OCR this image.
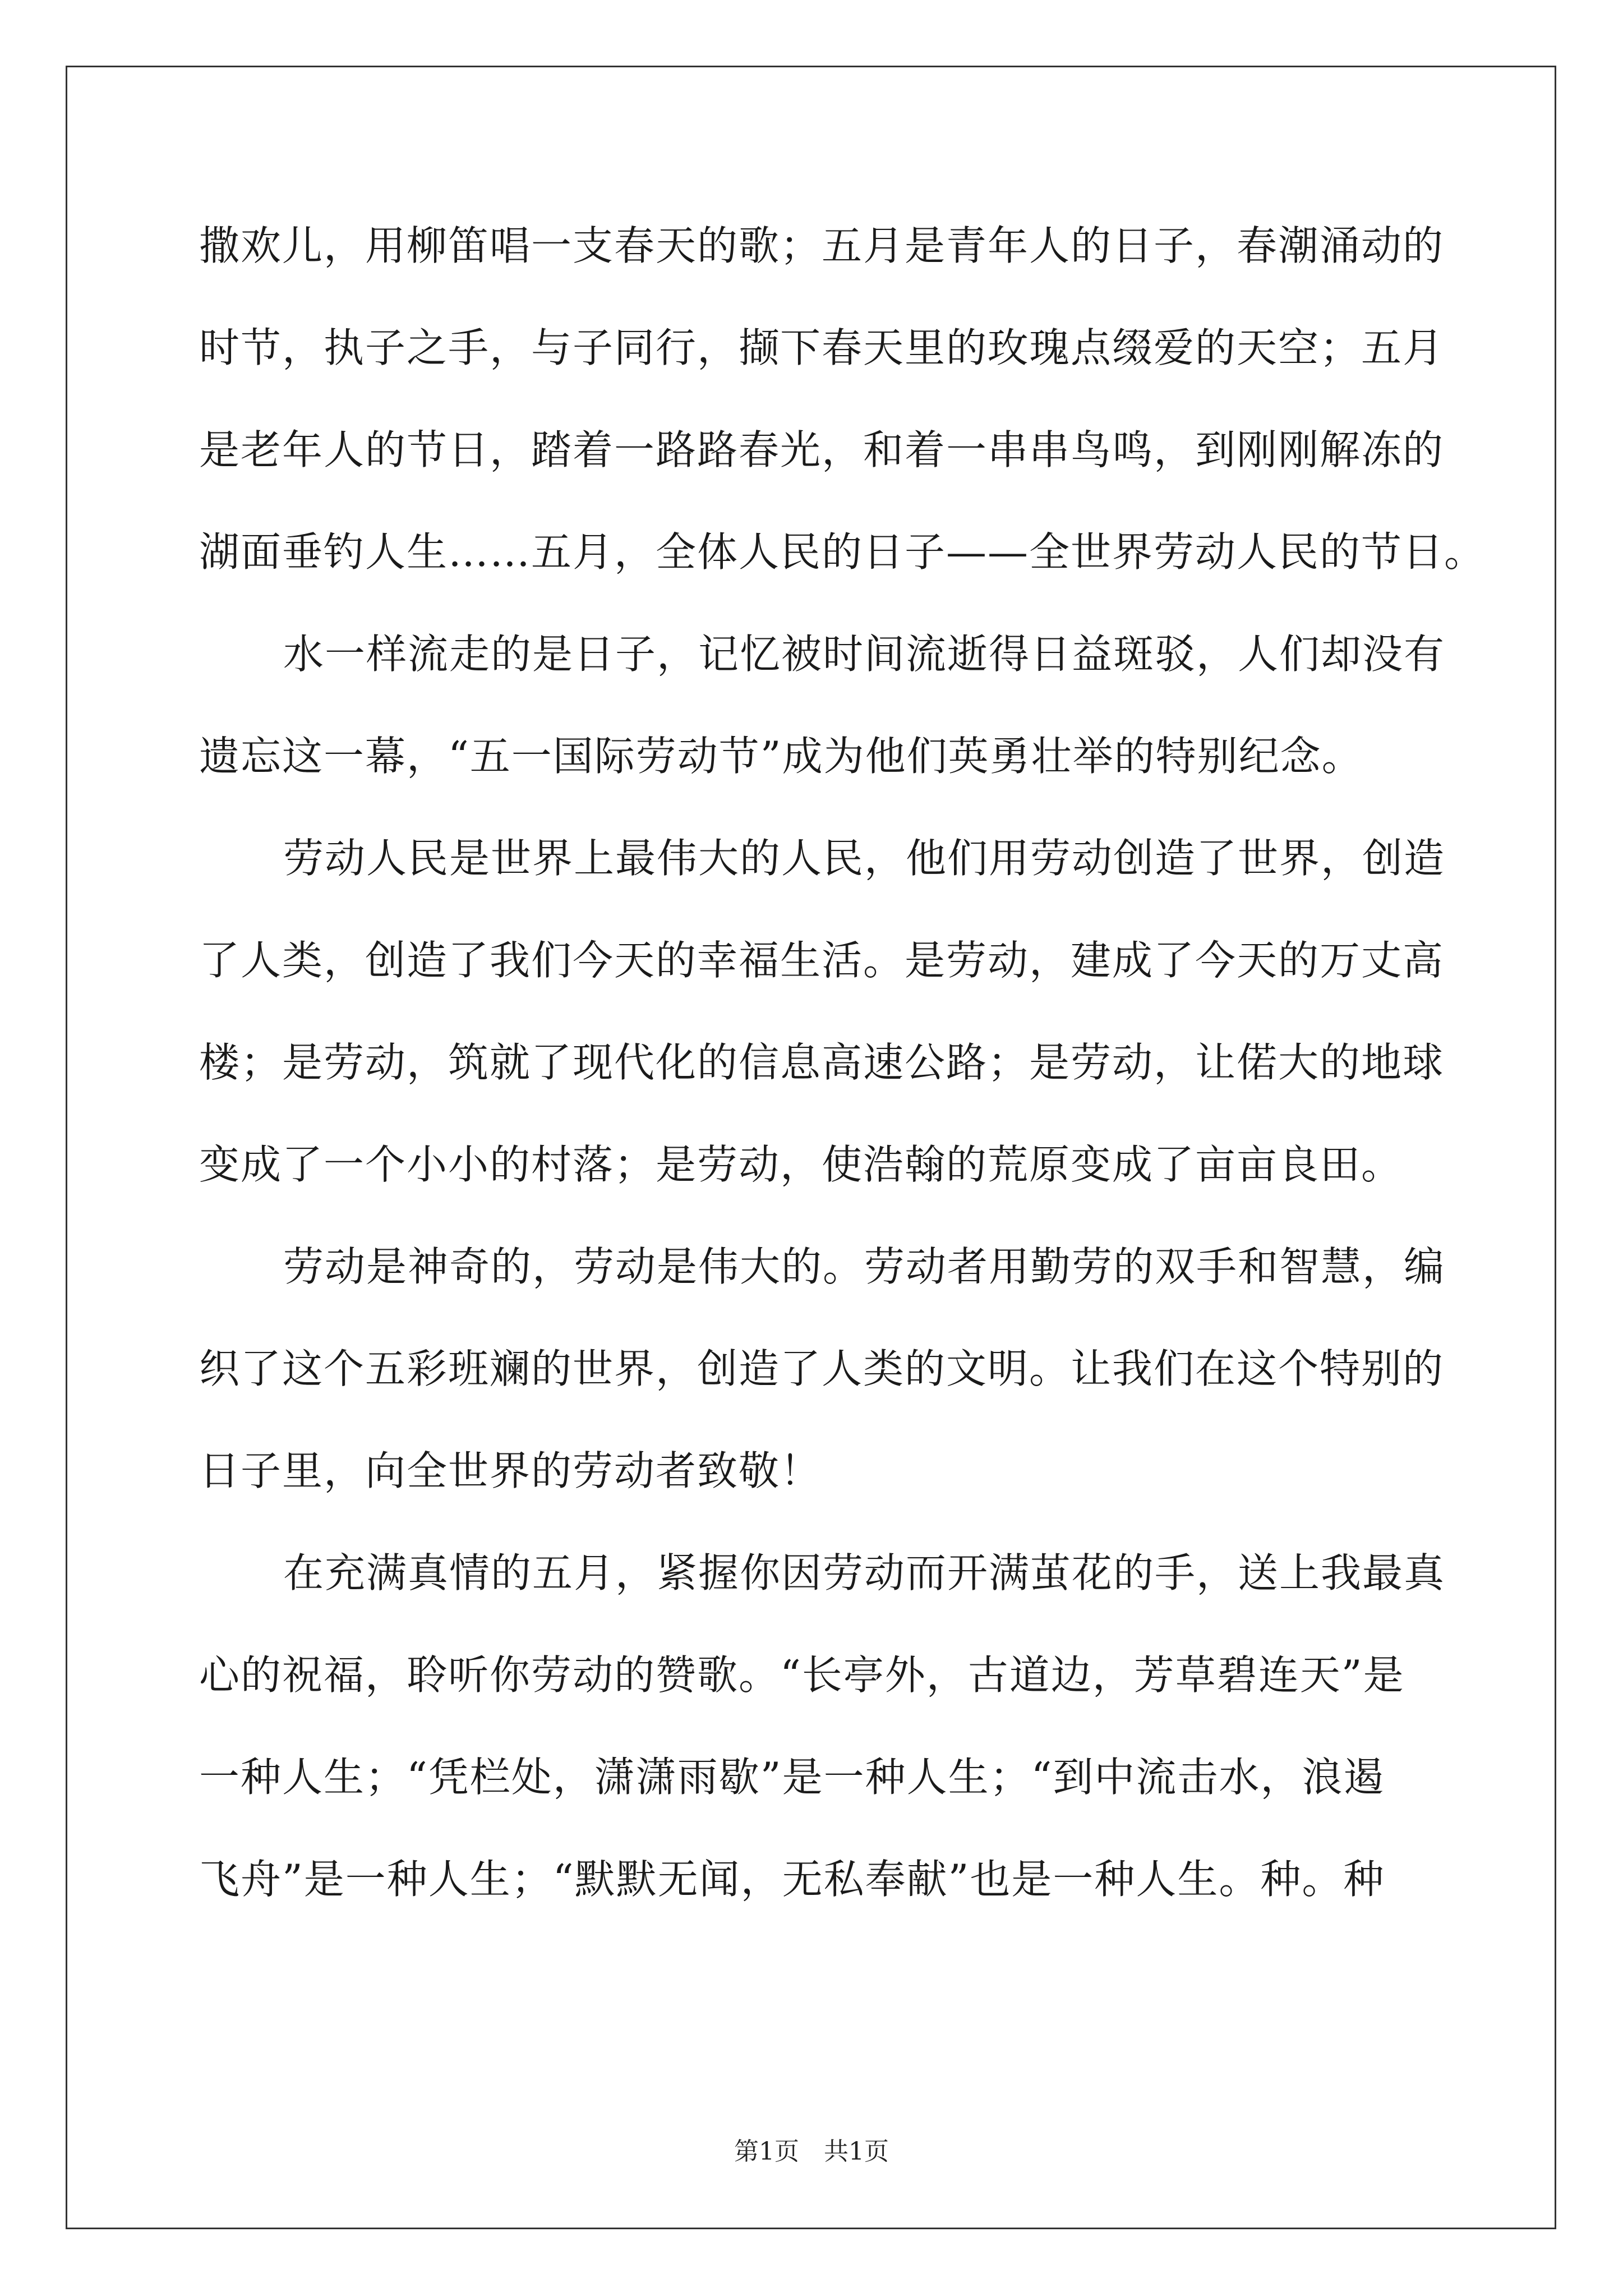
撒欢儿，用柳笛唱一支春天的歌；五月是青年人的日子，春潮涌动的
时节，执子之手，与子同行，撷下春天里的玫瑰点缀爱的天空；五月
是老年人的节日，踏着一路路春光，和着一串串鸟鸣，到刚刚解冻的
湖面垂钓人生……五月，全体人民的日子——全世界劳动人民的节日。
水一样流走的是日子，记忆被时间流逝得日益斑驳，人们却没有
遗忘这一幕，“五一国际劳动节”成为他们英勇壮举的特别纪念。
劳动人民是世界上最伟大的人民，他们用劳动创造了世界，创造
了人类，创造了我们今天的幸福生活。是劳动，建成了今天的万丈高
楼；是劳动，筑就了现代化的信息高速公路；是劳动，让偌大的地球
变成了一个小小的村落；是劳动，使浩翰的荒原变成了亩亩良田。
劳动是神奇的，劳动是伟大的。劳动者用勤劳的双手和智慧，编
织了这个五彩班斓的世界，创造了人类的文明。让我们在这个特别的
日子里，向全世界的劳动者致敬！
在充满真情的五月，紧握你因劳动而开满茧花的手，送上我最真
心的祝福，聆听你劳动的赞歌。“长亭外，古道边，芳草碧连天”是
一种人生；“凭栏处，潇潇雨歇”是一种人生；“到中流击水，浪遏
飞舟”是一种人生；“默默无闻，无私奉献”也是一种人生。种。种
第1页　共1页
